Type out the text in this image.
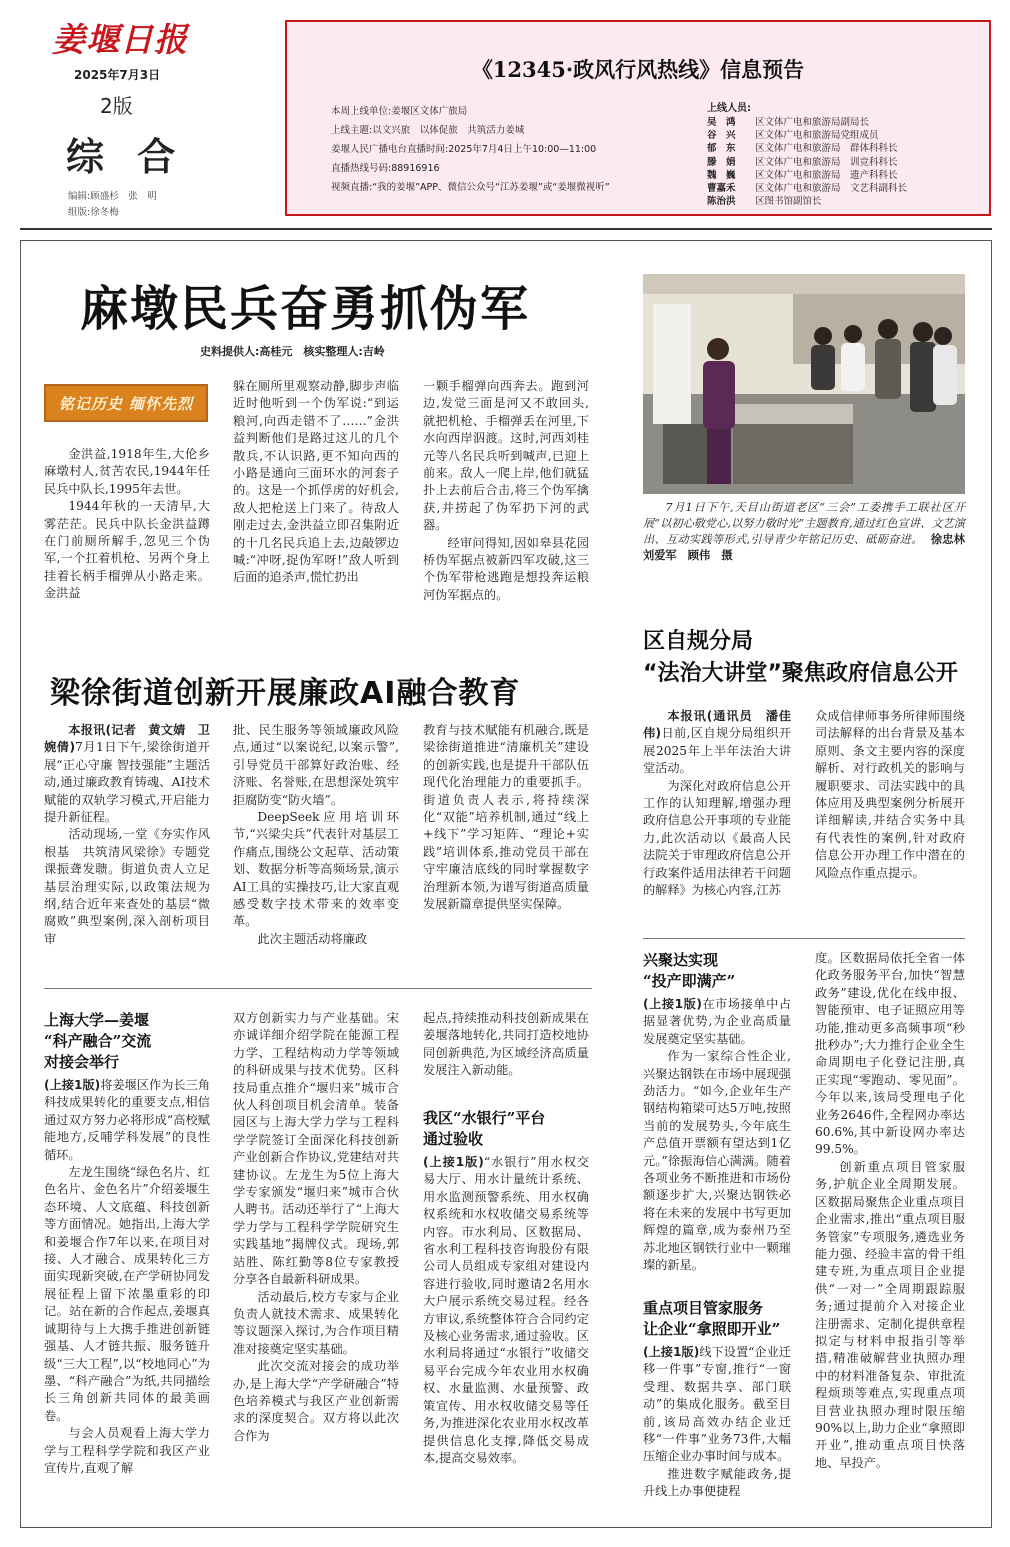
姜堰日报
2025年7月3日
2版
综 合
编辑:顾盛杉　张　明
组版:徐冬梅
《12345·政风行风热线》信息预告
本周上线单位:姜堰区文体广旅局
上线主题:以文兴旅　以体促旅　共筑活力姜城
姜堰人民广播电台直播时间:2025年7月4日上午10:00—11:00
直播热线号码:88916916
视频直播:“我的姜堰”APP、微信公众号“江苏姜堰”或“姜堰微视听”
上线人员:
吴　鸿 区文体广电和旅游局副局长
谷　兴 区文体广电和旅游局党组成员
郁　东 区文体广电和旅游局　群体科科长
滕　娟 区文体广电和旅游局　训竞科科长
魏　巍 区文体广电和旅游局　遗产科科长
曹嘉禾 区文体广电和旅游局　文艺科副科长
陈治洪 区图书馆副馆长
麻墩民兵奋勇抓伪军
史料提供人:高桂元　核实整理人:吉岭
铭记历史 缅怀先烈

金洪益,1918年生,大伦乡麻墩村人,贫苦农民,1944年任民兵中队长,1995年去世。

1944年秋的一天清早,大雾茫茫。民兵中队长金洪益蹲在门前厕所解手,忽见三个伪军,一个扛着机枪、另两个身上挂着长柄手榴弹从小路走来。金洪益

躲在厕所里观察动静,脚步声临近时他听到一个伪军说:“到运粮河,向西走错不了……”金洪益判断他们是路过这儿的几个散兵,不认识路,更不知向西的小路是通向三面环水的河套子的。这是一个抓俘虏的好机会,敌人把枪送上门来了。待敌人刚走过去,金洪益立即召集附近的十几名民兵追上去,边敲锣边喊:“冲呀,捉伪军呀!”敌人听到后面的追杀声,慌忙扔出

一颗手榴弹向西奔去。跑到河边,发觉三面是河又不敢回头,就把机枪、手榴弹丢在河里,下水向西岸泅渡。这时,河西刘桂元等八名民兵听到喊声,已迎上前来。敌人一爬上岸,他们就猛扑上去前后合击,将三个伪军擒获,并捞起了伪军扔下河的武器。

经审问得知,因如皋县花园桥伪军据点被新四军攻破,这三个伪军带枪逃跑是想投奔运粮河伪军据点的。

7月1日下午,天目山街道老区“三会”工委携手工联社区开展“以初心敬党心,以努力敬时光”主题教育,通过红色宣讲、文艺演出、互动实践等形式,引导青少年铭记历史、砥砺奋进。 徐忠林　刘爱军　顾伟　摄

梁徐街道创新开展廉政AI融合教育

本报讯(记者　黄文婧　卫婉倩)7月1日下午,梁徐街道开展“正心守廉 智技强能”主题活动,通过廉政教育铸魂、AI技术赋能的双轨学习模式,开启能力提升新征程。

活动现场,一堂《夯实作风根基　共筑清风梁徐》专题党课振聋发聩。街道负责人立足基层治理实际,以政策法规为纲,结合近年来查处的基层“微腐败”典型案例,深入剖析项目审

批、民生服务等领域廉政风险点,通过“以案说纪,以案示警”,引导党员干部算好政治账、经济账、名誉账,在思想深处筑牢拒腐防变“防火墙”。

DeepSeek应用培训环节,“兴梁尖兵”代表针对基层工作痛点,围绕公文起草、活动策划、数据分析等高频场景,演示AI工具的实操技巧,让大家直观感受数字技术带来的效率变革。

此次主题活动将廉政

教育与技术赋能有机融合,既是梁徐街道推进“清廉机关”建设的创新实践,也是提升干部队伍现代化治理能力的重要抓手。街道负责人表示,将持续深化“双能”培养机制,通过“线上+线下”学习矩阵、“理论+实践”培训体系,推动党员干部在守牢廉洁底线的同时掌握数字治理新本领,为谱写街道高质量发展新篇章提供坚实保障。

区自规分局
“法治大讲堂”聚焦政府信息公开

本报讯(通讯员　潘佳伟)日前,区自规分局组织开展2025年上半年法治大讲堂活动。

为深化对政府信息公开工作的认知理解,增强办理政府信息公开事项的专业能力,此次活动以《最高人民法院关于审理政府信息公开行政案件适用法律若干问题的解释》为核心内容,江苏

众成信律师事务所律师围绕司法解释的出台背景及基本原则、条文主要内容的深度解析、对行政机关的影响与履职要求、司法实践中的具体应用及典型案例分析展开详细解读,并结合实务中具有代表性的案例,针对政府信息公开办理工作中潜在的风险点作重点提示。

上海大学—姜堰
“科产融合”交流
对接会举行

(上接1版)将姜堰区作为长三角科技成果转化的重要支点,相信通过双方努力必将形成“高校赋能地方,反哺学科发展”的良性循环。

左龙生围绕“绿色名片、红色名片、金色名片”介绍姜堰生态环境、人文底蕴、科技创新等方面情况。她指出,上海大学和姜堰合作7年以来,在项目对接、人才融合、成果转化三方面实现新突破,在产学研协同发展征程上留下浓墨重彩的印记。站在新的合作起点,姜堰真诚期待与上大携手推进创新链强基、人才链共振、服务链升级“三大工程”,以“校地同心”为墨、“科产融合”为纸,共同描绘长三角创新共同体的最美画卷。

与会人员观看上海大学力学与工程科学学院和我区产业宣传片,直观了解

双方创新实力与产业基础。宋亦诚详细介绍学院在能源工程力学、工程结构动力学等领域的科研成果与技术优势。区科技局重点推介“堰归来”城市合伙人科创项目机会清单。装备园区与上海大学力学与工程科学学院签订全面深化科技创新产业创新合作协议,党建结对共建协议。左龙生为5位上海大学专家颁发“堰归来”城市合伙人聘书。活动还举行了“上海大学力学与工程科学学院研究生实践基地”揭牌仪式。现场,郭站胜、陈红勤等8位专家教授分享各自最新科研成果。

活动最后,校方专家与企业负责人就技术需求、成果转化等议题深入探讨,为合作项目精准对接奠定坚实基础。

此次交流对接会的成功举办,是上海大学“产学研融合”特色培养模式与我区产业创新需求的深度契合。双方将以此次合作为

起点,持续推动科技创新成果在姜堰落地转化,共同打造校地协同创新典范,为区域经济高质量发展注入新动能。

我区“水银行”平台
通过验收

(上接1版)“水银行”用水权交易大厅、用水计量统计系统、用水监测预警系统、用水权确权系统和水权收储交易系统等内容。市水利局、区数据局、省水利工程科技咨询股份有限公司人员组成专家组对建设内容进行验收,同时邀请2名用水大户展示系统交易过程。经各方审议,系统整体符合合同约定及核心业务需求,通过验收。区水利局将通过“水银行”收储交易平台完成今年农业用水权确权、水量监测、水量预警、政策宣传、用水权收储交易等任务,为推进深化农业用水权改革提供信息化支撑,降低交易成本,提高交易效率。

兴聚达实现
“投产即满产”

(上接1版)在市场接单中占据显著优势,为企业高质量发展奠定坚实基础。

作为一家综合性企业,兴聚达钢铁在市场中展现强劲活力。“如今,企业年生产钢结构箱梁可达5万吨,按照当前的发展势头,今年底生产总值开票额有望达到1亿元。”徐振海信心满满。随着各项业务不断推进和市场份额逐步扩大,兴聚达钢铁必将在未来的发展中书写更加辉煌的篇章,成为泰州乃至苏北地区钢铁行业中一颗璀璨的新星。

重点项目管家服务
让企业“拿照即开业”

(上接1版)线下设置“企业迁移一件事”专窗,推行“一窗受理、数据共享、部门联动”的集成化服务。截至目前,该局高效办结企业迁移“一件事”业务73件,大幅压缩企业办事时间与成本。

推进数字赋能政务,提升线上办事便捷程

度。区数据局依托全省一体化政务服务平台,加快“智慧政务”建设,优化在线申报、智能预审、电子证照应用等功能,推动更多高频事项“秒批秒办”;大力推行企业全生命周期电子化登记注册,真正实现“零跑动、零见面”。今年以来,该局受理电子化业务2646件,全程网办率达60.6%,其中新设网办率达99.5%。

创新重点项目管家服务,护航企业全周期发展。区数据局聚焦企业重点项目企业需求,推出“重点项目服务管家”专项服务,遴选业务能力强、经验丰富的骨干组建专班,为重点项目企业提供“一对一”全周期跟踪服务;通过提前介入对接企业注册需求、定制化提供章程拟定与材料申报指引等举措,精准破解营业执照办理中的材料准备复杂、审批流程烦琐等难点,实现重点项目营业执照办理时限压缩90%以上,助力企业“拿照即开业”,推动重点项目快落地、早投产。
